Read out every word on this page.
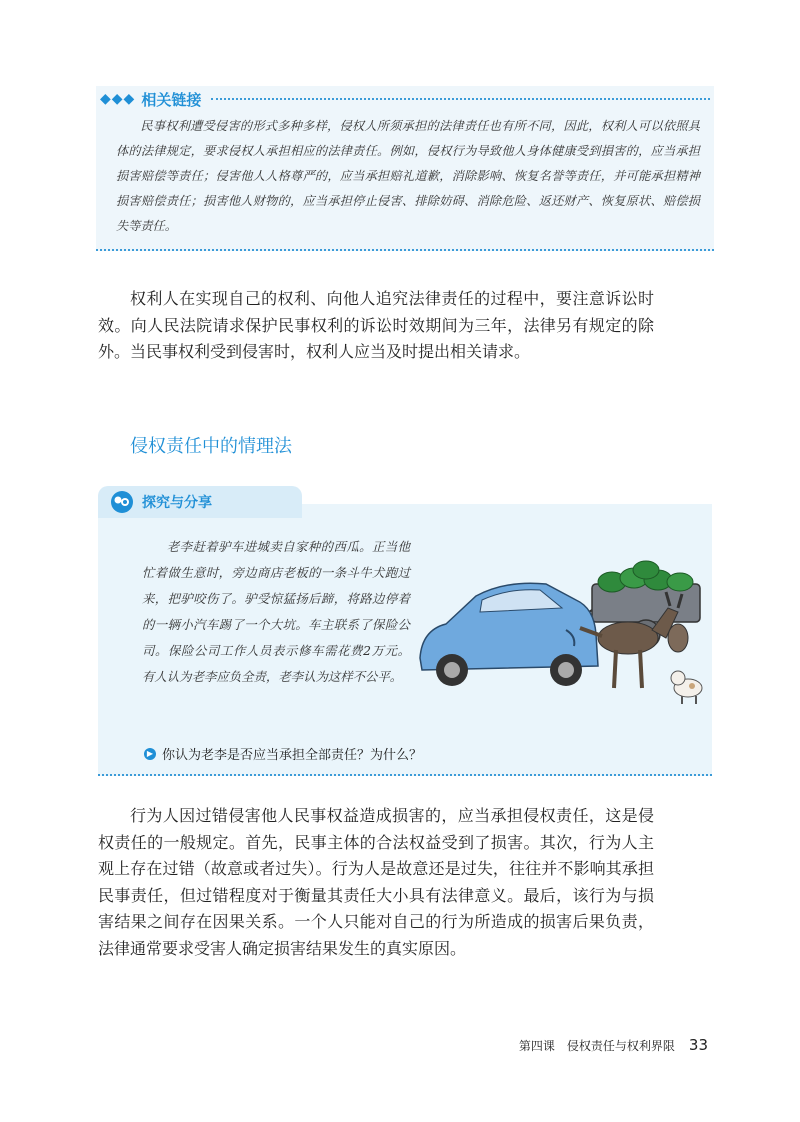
◆◆◆ 相关链接
民事权利遭受侵害的形式多种多样，侵权人所须承担的法律责任也有所不同，因此，权利人可以依照具体的法律规定，要求侵权人承担相应的法律责任。例如，侵权行为导致他人身体健康受到損害的，应当承担损害赔偿等责任；侵害他人人格尊严的，应当承担赔礼道歉，消除影响、恢复名誉等责任，并可能承担精神损害赔偿责任；损害他人财物的，应当承担停止侵害、排除妨碍、消除危险、返还财产、恢复原状、赔偿损失等责任。
权利人在实现自己的权利、向他人追究法律责任的过程中，要注意诉讼时效。向人民法院请求保护民事权利的诉讼时效期间为三年，法律另有规定的除外。当民事权利受到侵害时，权利人应当及时提出相关请求。
侵权责任中的情理法
老李赶着驴车进城卖自家种的西瓜。正当他忙着做生意时，旁边商店老板的一条斗牛犬跑过来，把驴咬伤了。驴受惊猛扬后蹄，将路边停着的一辆小汽车踢了一个大坑。车主联系了保险公司。保险公司工作人员表示修车需花费2万元。有人认为老李应负全责，老李认为这样不公平。
▶ 你认为老李是否应当承担全部责任？为什么？
探究与分享
行为人因过错侵害他人民事权益造成损害的，应当承担侵权责任，这是侵权责任的一般规定。首先，民事主体的合法权益受到了损害。其次，行为人主观上存在过错（故意或者过失）。行为人是故意还是过失，往往并不影响其承担民事责任，但过错程度对于衡量其责任大小具有法律意义。最后，该行为与损害结果之间存在因果关系。一个人只能对自己的行为所造成的损害后果负责，法律通常要求受害人确定损害结果发生的真实原因。
第四课　侵权责任与权利界限 33
